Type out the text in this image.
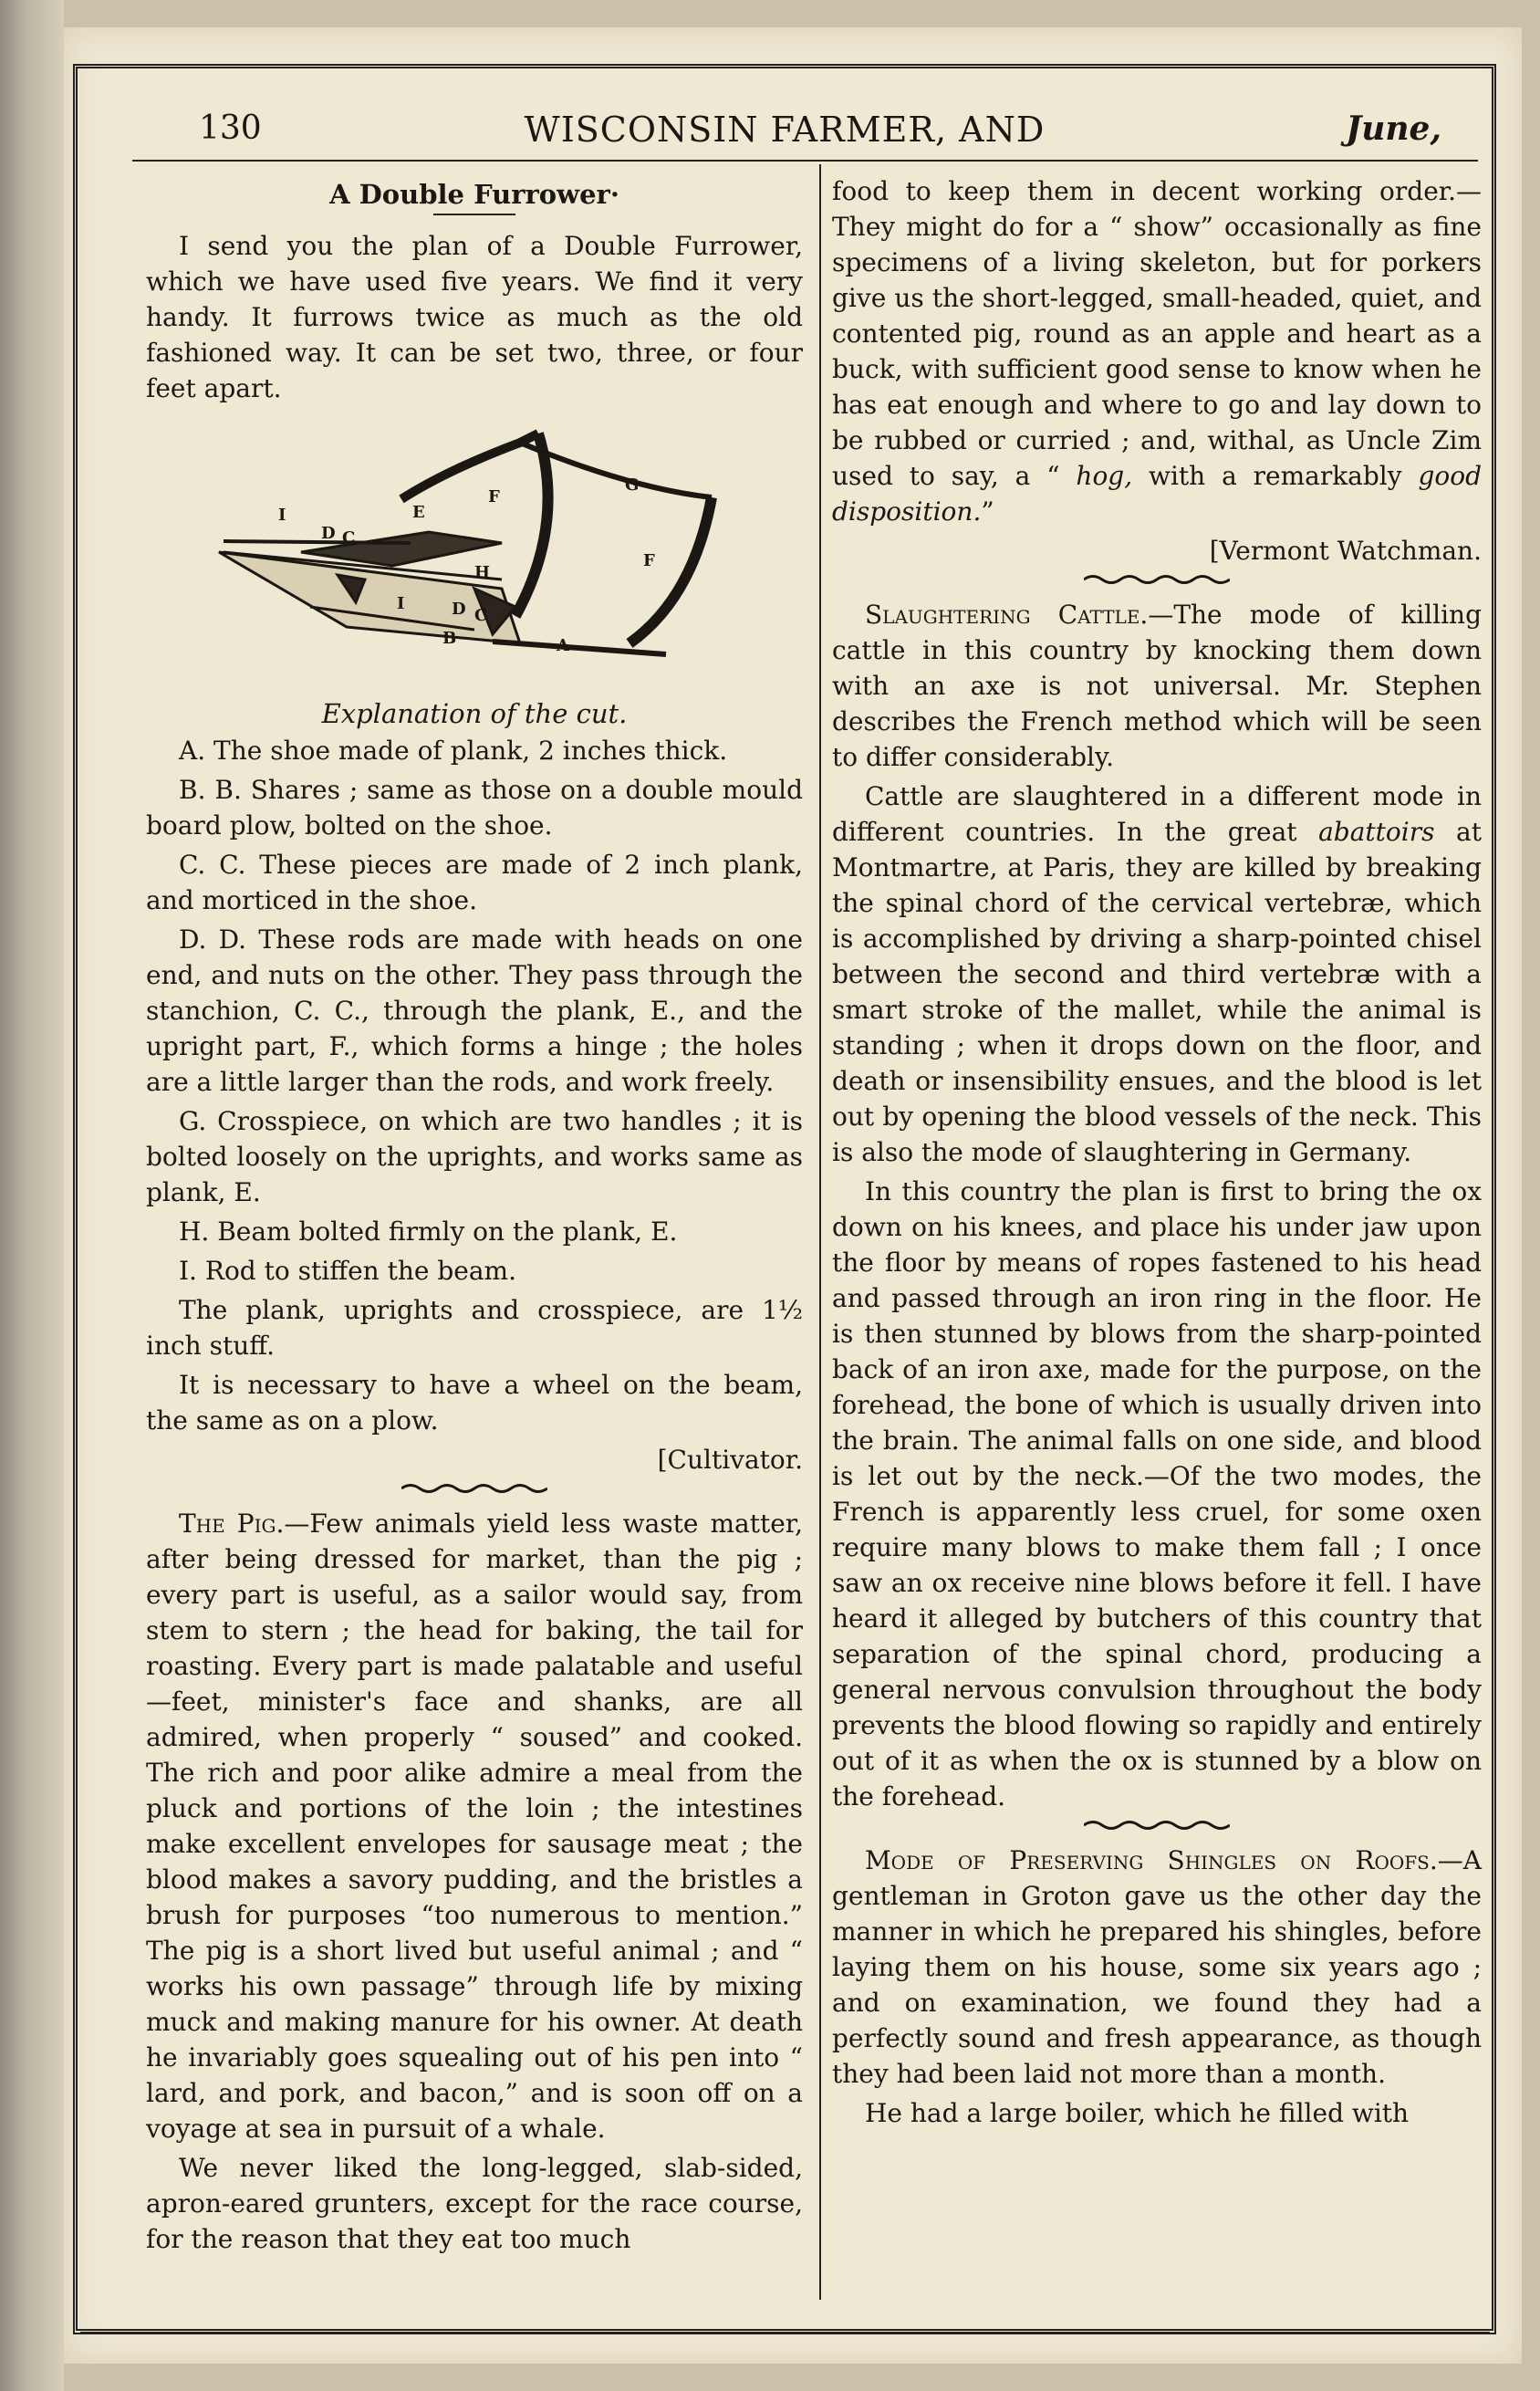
130	WISCONSIN FARMER, AND	June,
A Double Furrower·

I send you the plan of a Double Furrower, which we have used five years. We find it very handy. It furrows twice as much as the old fashioned way. It can be set two, three, or four feet apart.

I
D C
E
F
G
F
H
I	D C
B	A
Explanation of the cut.

A. The shoe made of plank, 2 inches thick.

B. B. Shares ; same as those on a double mould board plow, bolted on the shoe.

C. C. These pieces are made of 2 inch plank, and morticed in the shoe.

D. D. These rods are made with heads on one end, and nuts on the other. They pass through the stanchion, C. C., through the plank, E., and the upright part, F., which forms a hinge ; the holes are a little larger than the rods, and work freely.

G. Crosspiece, on which are two handles ; it is bolted loosely on the uprights, and works same as plank, E.

H. Beam bolted firmly on the plank, E.

I. Rod to stiffen the beam.

The plank, uprights and crosspiece, are 1½ inch stuff.

It is necessary to have a wheel on the beam, the same as on a plow.

[Cultivator.

The Pig.—Few animals yield less waste matter, after being dressed for market, than the pig ; every part is useful, as a sailor would say, from stem to stern ; the head for baking, the tail for roasting. Every part is made palatable and useful—feet, minister's face and shanks, are all admired, when properly “ soused” and cooked. The rich and poor alike admire a meal from the pluck and portions of the loin ; the intestines make excellent envelopes for sausage meat ; the blood makes a savory pudding, and the bristles a brush for purposes “too numerous to mention.” The pig is a short lived but useful animal ; and “ works his own passage” through life by mixing muck and making manure for his owner. At death he invariably goes squealing out of his pen into “ lard, and pork, and bacon,” and is soon off on a voyage at sea in pursuit of a whale.

We never liked the long-legged, slab-sided, apron-eared grunters, except for the race course, for the reason that they eat too much

food to keep them in decent working order.—They might do for a “ show” occasionally as fine specimens of a living skeleton, but for porkers give us the short-legged, small-headed, quiet, and contented pig, round as an apple and heart as a buck, with sufficient good sense to know when he has eat enough and where to go and lay down to be rubbed or curried ; and, withal, as Uncle Zim used to say, a “ hog, with a remarkably good disposition.”

[Vermont Watchman.

Slaughtering Cattle.—The mode of killing cattle in this country by knocking them down with an axe is not universal. Mr. Stephen describes the French method which will be seen to differ considerably.

Cattle are slaughtered in a different mode in different countries. In the great abattoirs at Montmartre, at Paris, they are killed by breaking the spinal chord of the cervical vertebræ, which is accomplished by driving a sharp-pointed chisel between the second and third vertebræ with a smart stroke of the mallet, while the animal is standing ; when it drops down on the floor, and death or insensibility ensues, and the blood is let out by opening the blood vessels of the neck. This is also the mode of slaughtering in Germany.

In this country the plan is first to bring the ox down on his knees, and place his under jaw upon the floor by means of ropes fastened to his head and passed through an iron ring in the floor. He is then stunned by blows from the sharp-pointed back of an iron axe, made for the purpose, on the forehead, the bone of which is usually driven into the brain. The animal falls on one side, and blood is let out by the neck.—Of the two modes, the French is apparently less cruel, for some oxen require many blows to make them fall ; I once saw an ox receive nine blows before it fell. I have heard it alleged by butchers of this country that separation of the spinal chord, producing a general nervous convulsion throughout the body prevents the blood flowing so rapidly and entirely out of it as when the ox is stunned by a blow on the forehead.

Mode of Preserving Shingles on Roofs.—A gentleman in Groton gave us the other day the manner in which he prepared his shingles, before laying them on his house, some six years ago ; and on examination, we found they had a perfectly sound and fresh appearance, as though they had been laid not more than a month.

He had a large boiler, which he filled with
